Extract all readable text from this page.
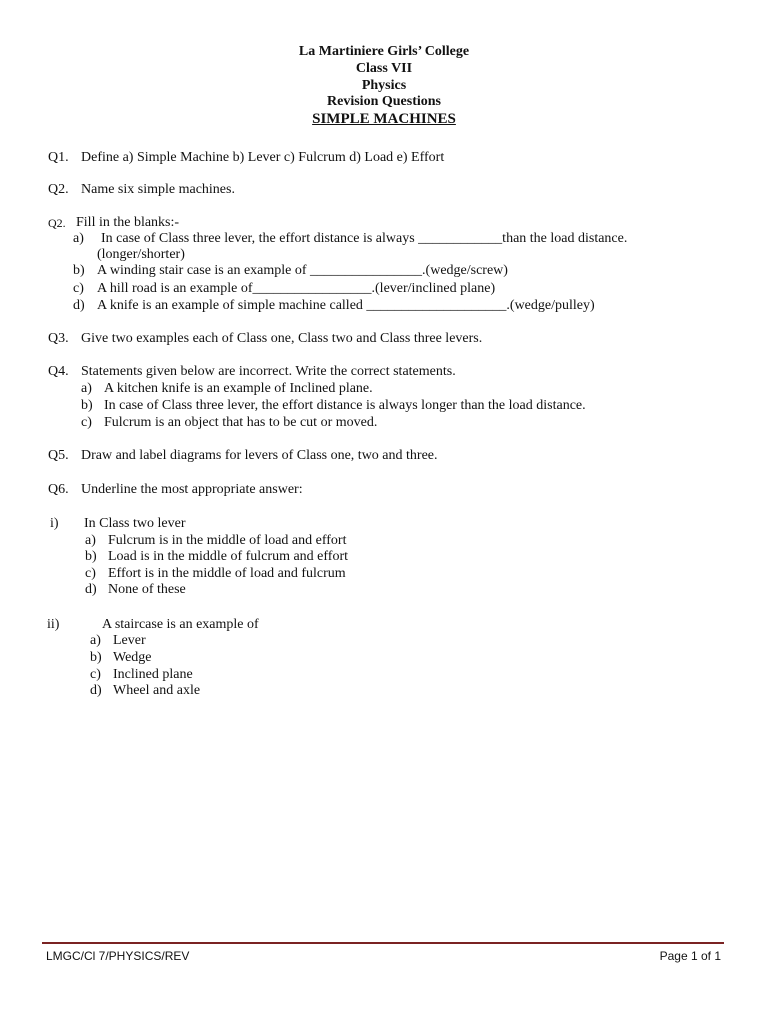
La Martiniere Girls’ College
Class VII
Physics
Revision Questions
SIMPLE MACHINES
Q1. Define a) Simple Machine b) Lever c) Fulcrum d) Load e) Effort
Q2. Name six simple machines.
Q2. Fill in the blanks:-
a) In case of Class three lever, the effort distance is always ____________than the load distance.
(longer/shorter)
b) A winding stair case is an example of ________________.(wedge/screw)
c) A hill road is an example of_________________.(lever/inclined plane)
d) A knife is an example of simple machine called ____________________.(wedge/pulley)
Q3. Give two examples each of Class one, Class two and Class three levers.
Q4. Statements given below are incorrect. Write the correct statements.
a) A kitchen knife is an example of Inclined plane.
b) In case of Class three lever, the effort distance is always longer than the load distance.
c) Fulcrum is an object that has to be cut or moved.
Q5. Draw and label diagrams for levers of Class one, two and three.
Q6. Underline the most appropriate answer:
i) In Class two lever
a) Fulcrum is in the middle of load and effort
b) Load is in the middle of fulcrum and effort
c) Effort is in the middle of load and fulcrum
d) None of these
ii)	A staircase is an example of
a) Lever
b) Wedge
c) Inclined plane
d) Wheel and axle
LMGC/Cl 7/PHYSICS/REV	Page 1 of 1
